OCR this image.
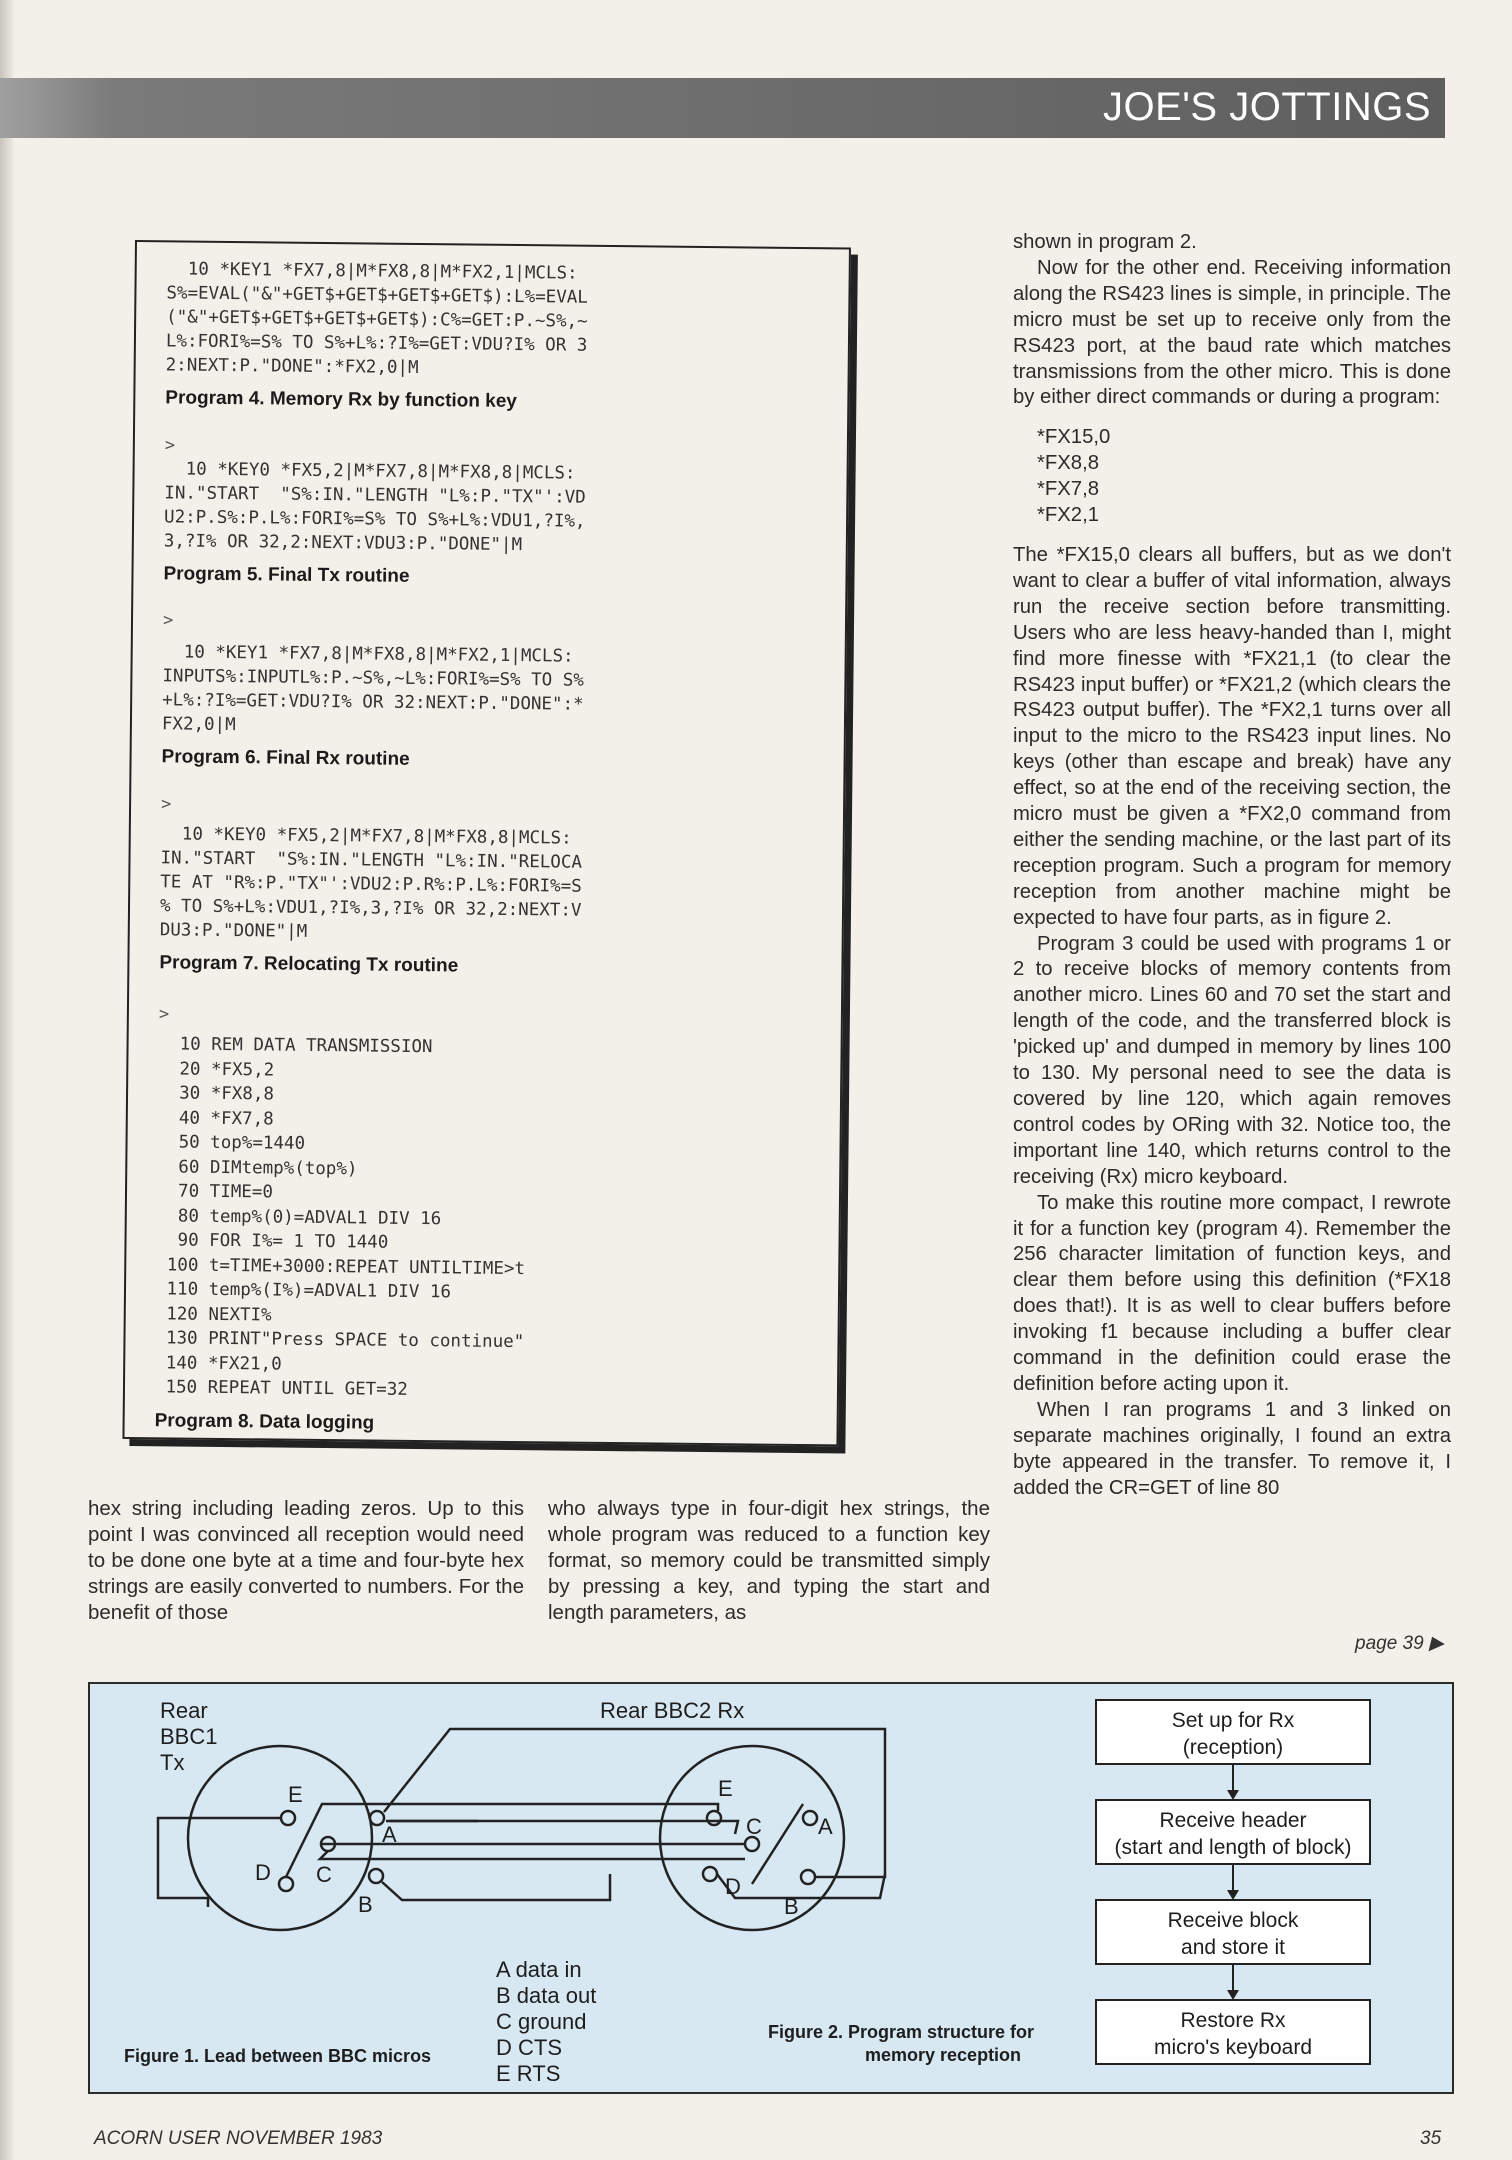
JOE'S JOTTINGS
10 *KEY1 *FX7,8|M*FX8,8|M*FX2,1|MCLS:
S%=EVAL("&"+GET$+GET$+GET$+GET$):L%=EVAL
("&"+GET$+GET$+GET$+GET$):C%=GET:P.~S%,~
L%:FORI%=S% TO S%+L%:?I%=GET:VDU?I% OR 3
2:NEXT:P."DONE":*FX2,0|M
Program 4. Memory Rx by function key
>
10 *KEY0 *FX5,2|M*FX7,8|M*FX8,8|MCLS:
IN."START  "S%:IN."LENGTH "L%:P."TX"':VD
U2:P.S%:P.L%:FORI%=S% TO S%+L%:VDU1,?I%,
3,?I% OR 32,2:NEXT:VDU3:P."DONE"|M
Program 5. Final Tx routine
>
10 *KEY1 *FX7,8|M*FX8,8|M*FX2,1|MCLS:
INPUTS%:INPUTL%:P.~S%,~L%:FORI%=S% TO S%
+L%:?I%=GET:VDU?I% OR 32:NEXT:P."DONE":*
FX2,0|M
Program 6. Final Rx routine
>
10 *KEY0 *FX5,2|M*FX7,8|M*FX8,8|MCLS:
IN."START  "S%:IN."LENGTH "L%:IN."RELOCA
TE AT "R%:P."TX"':VDU2:P.R%:P.L%:FORI%=S
% TO S%+L%:VDU1,?I%,3,?I% OR 32,2:NEXT:V
DU3:P."DONE"|M
Program 7. Relocating Tx routine
>
10 REM DATA TRANSMISSION
20 *FX5,2
30 *FX8,8
40 *FX7,8
50 top%=1440
60 DIMtemp%(top%)
70 TIME=0
80 temp%(0)=ADVAL1 DIV 16
90 FOR I%= 1 TO 1440
100 t=TIME+3000:REPEAT UNTILTIME>t
110 temp%(I%)=ADVAL1 DIV 16
120 NEXTI%
130 PRINT"Press SPACE to continue"
140 *FX21,0
150 REPEAT UNTIL GET=32
Program 8. Data logging

hex string including leading zeros. Up to this point I was convinced all reception would need to be done one byte at a time and four-byte hex strings are easily converted to numbers. For the benefit of those

who always type in four-digit hex strings, the whole program was reduced to a function key format, so memory could be transmitted simply by pressing a key, and typing the start and length parameters, as

shown in program 2.

Now for the other end. Receiving information along the RS423 lines is simple, in principle. The micro must be set up to receive only from the RS423 port, at the baud rate which matches transmissions from the other micro. This is done by either direct commands or during a program:

*FX15,0
*FX8,8
*FX7,8
*FX2,1

The *FX15,0 clears all buffers, but as we don't want to clear a buffer of vital information, always run the receive section before transmitting. Users who are less heavy-handed than I, might find more finesse with *FX21,1 (to clear the RS423 input buffer) or *FX21,2 (which clears the RS423 output buffer). The *FX2,1 turns over all input to the micro to the RS423 input lines. No keys (other than escape and break) have any effect, so at the end of the receiving section, the micro must be given a *FX2,0 command from either the sending machine, or the last part of its reception program. Such a program for memory reception from another machine might be expected to have four parts, as in figure 2.

Program 3 could be used with programs 1 or 2 to receive blocks of memory contents from another micro. Lines 60 and 70 set the start and length of the code, and the transferred block is 'picked up' and dumped in memory by lines 100 to 130. My personal need to see the data is covered by line 120, which again removes control codes by ORing with 32. Notice too, the important line 140, which returns control to the receiving (Rx) micro keyboard.

To make this routine more compact, I rewrote it for a function key (program 4). Remember the 256 character limitation of function keys, and clear them before using this definition (*FX18 does that!). It is as well to clear buffers before invoking f1 because including a buffer clear command in the definition could erase the definition before acting upon it.

When I ran programs 1 and 3 linked on separate machines originally, I found an extra byte appeared in the transfer. To remove it, I added the CR=GET of line 80

page 39 ▶
Rear
BBC1
Tx
Rear BBC2 Rx
E
A
C
D
B
E
A
C
D
B
A data in
B data out
C ground
D CTS
E RTS
Figure 1. Lead between BBC micros
Set up for Rx
(reception)
Receive header
(start and length of block)
Receive block
and store it
Restore Rx
micro's keyboard
Figure 2. Program structure for
memory reception
ACORN USER NOVEMBER 1983	35
